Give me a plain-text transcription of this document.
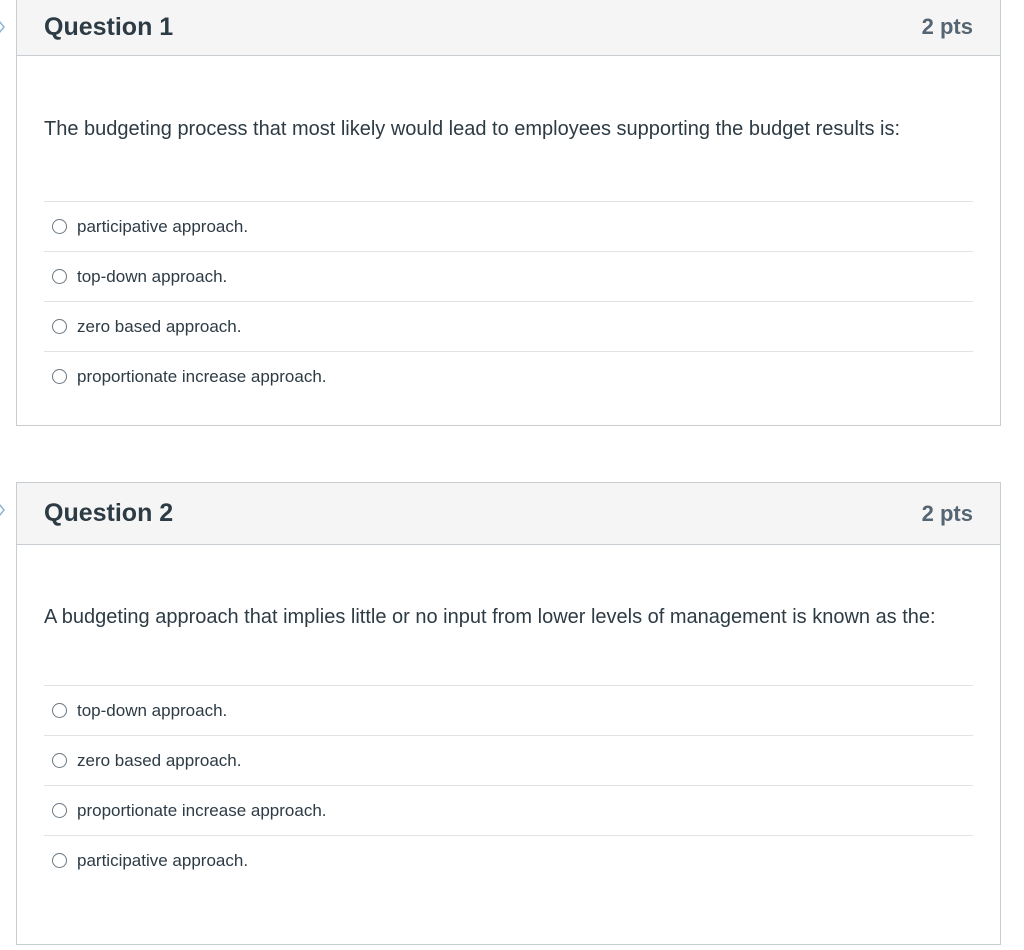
Question 1	2 pts

The budgeting process that most likely would lead to employees supporting the budget results is:

participative approach.
top-down approach.
zero based approach.
proportionate increase approach.
Question 2	2 pts

A budgeting approach that implies little or no input from lower levels of management is known as the:

top-down approach.
zero based approach.
proportionate increase approach.
participative approach.
